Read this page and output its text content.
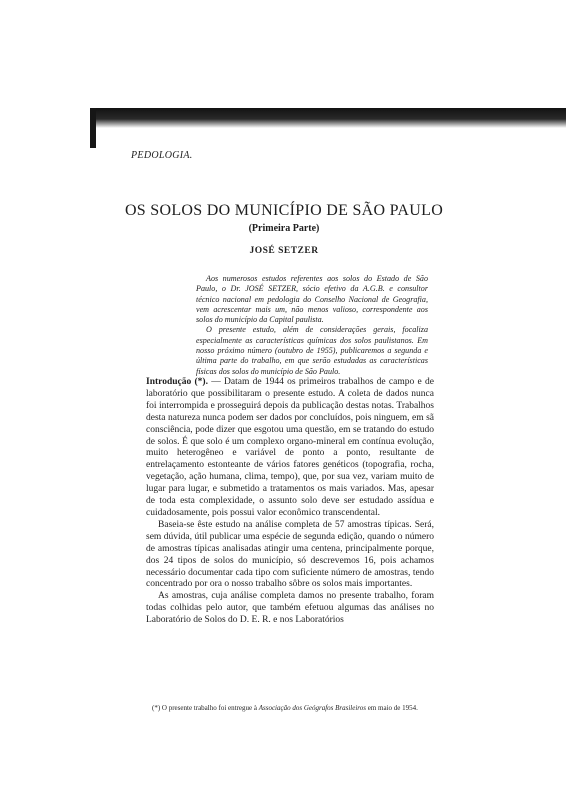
PEDOLOGIA.
OS SOLOS DO MUNICÍPIO DE SÃO PAULO
(Primeira Parte)
JOSÉ SETZER

Aos numerosos estudos referentes aos solos do Estado de São Paulo, o Dr. JOSÉ SETZER, sócio efetivo da A.G.B. e consultor técnico nacional em pedologia do Conselho Nacional de Geografia, vem acrescentar mais um, não menos valioso, correspondente aos solos do município da Capital paulista.

O presente estudo, além de considerações gerais, focaliza especialmente as características químicas dos solos paulistanos. Em nosso próximo número (outubro de 1955), publicaremos a segunda e última parte do trabalho, em que serão estudadas as características físicas dos solos do município de São Paulo.

Introdução (*). — Datam de 1944 os primeiros trabalhos de campo e de laboratório que possibilitaram o presente estudo. A coleta de dados nunca foi interrompida e prosseguirá depois da publicação destas notas. Trabalhos desta natureza nunca podem ser dados por concluídos, pois ninguem, em sã consciência, pode dizer que esgotou uma questão, em se tratando do estudo de solos. É que solo é um complexo organo-mineral em contínua evolução, muito heterogêneo e variável de ponto a ponto, resultante de entrelaçamento estonteante de vários fatores genéticos (topografia, rocha, vegetação, ação humana, clima, tempo), que, por sua vez, variam muito de lugar para lugar, e submetido a tratamentos os mais variados. Mas, apesar de toda esta complexidade, o assunto solo deve ser estudado assídua e cuidadosamente, pois possui valor econômico transcendental.

Baseia-se êste estudo na análise completa de 57 amostras típicas. Será, sem dúvida, útil publicar uma espécie de segunda edição, quando o número de amostras típicas analisadas atingir uma centena, principalmente porque, dos 24 tipos de solos do município, só descrevemos 16, pois achamos necessário documentar cada tipo com suficiente número de amostras, tendo concentrado por ora o nosso trabalho sôbre os solos mais importantes.

As amostras, cuja análise completa damos no presente trabalho, foram todas colhidas pelo autor, que também efetuou algumas das análises no Laboratório de Solos do D. E. R. e nos Laboratórios

(*) O presente trabalho foi entregue à Associação dos Geógrafos Brasileiros em maio de 1954.
